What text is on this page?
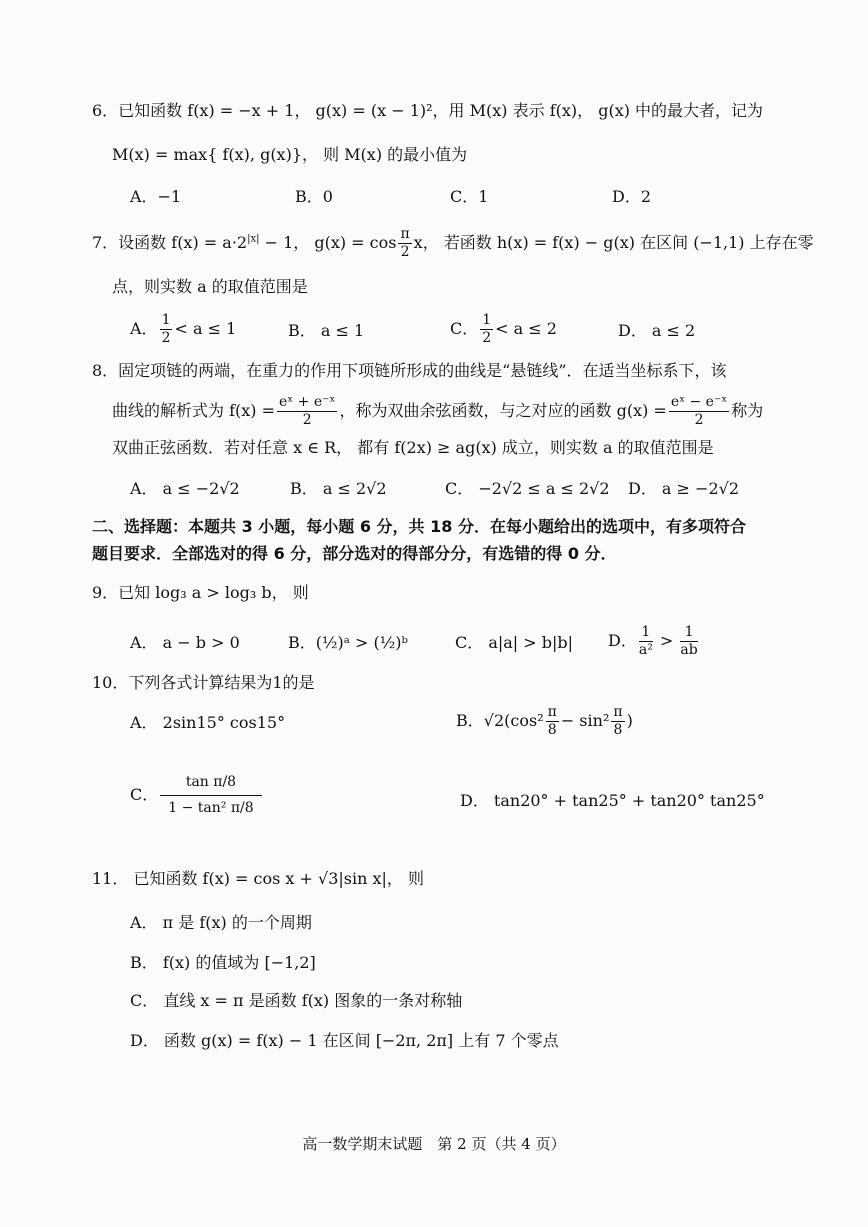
6．已知函数 f(x) = −x + 1， g(x) = (x − 1)²，用 M(x) 表示 f(x)， g(x) 中的最大者，记为
M(x) = max{ f(x), g(x)}， 则 M(x) 的最小值为
A．−1	B．0	C．1	D．2
7．设函数 $f(x) = a\cdot 2^{|x|} - 1$， $g(x) = \cos \frac{\pi}{2}$ x， 若函数 h(x) = f(x) − g(x) 在区间 (−1,1) 上存在零
点，则实数 a 的取值范围是
A． $\frac{1}{2} < a \le 1$	B． a ≤ 1	C． $\frac{1}{2} < a \le 2$	D． a ≤ 2
8．固定项链的两端，在重力的作用下项链所形成的曲线是“悬链线”．在适当坐标系下，该
曲线的解析式为 $f(x) = \frac{\text{eˣ + e⁻ˣ}}{2}$ ，称为双曲余弦函数，与之对应的函数 $g(x) = \frac{\text{eˣ − e⁻ˣ}}{2}$ 称为
双曲正弦函数．若对任意 x ∈ R， 都有 f(2x) ≥ ag(x) 成立，则实数 a 的取值范围是
A． a ≤ −2√2	B． a ≤ 2√2	C． −2√2 ≤ a ≤ 2√2 D． a ≥ −2√2
二、选择题：本题共 3 小题，每小题 6 分，共 18 分．在每小题给出的选项中，有多项符合
题目要求．全部选对的得 6 分，部分选对的得部分分，有选错的得 0 分．
9．已知 log₃ a > log₃ b， 则
A． a − b > 0	B．(½)ᵃ > (½)ᵇ	C． a|a| > b|b| D． $\frac{1}{\text{a²}} > \frac{1}{ab}$
10．下列各式计算结果为1的是
A． 2sin15° cos15°	B．$√2(\cos^2 \frac{\pi}{8} - \sin^2 \frac{\pi}{8}$ )
C． $\frac{\text{tan π/8}}{\text{1 − tan² π/8}}$	D． tan20° + tan25° + tan20° tan25°
11． 已知函数 f(x) = cos x + √3|sin x|， 则
A． π 是 f(x) 的一个周期
B． f(x) 的值域为 [−1,2]
C． 直线 x = π 是函数 f(x) 图象的一条对称轴
D． 函数 g(x) = f(x) − 1 在区间 [−2π, 2π] 上有 7 个零点
高一数学期末试题　第 2 页（共 4 页）
